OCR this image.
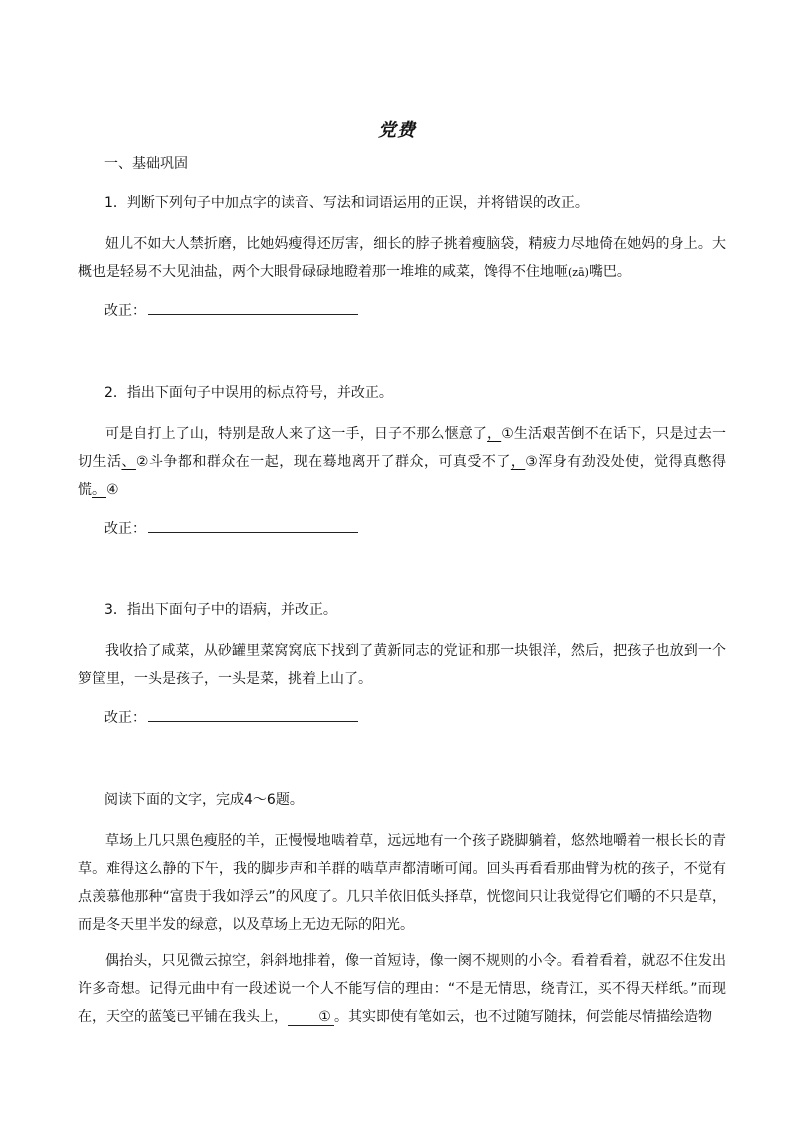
党费
一、基础巩固
1．判断下列句子中加点字的读音、写法和词语运用的正误，并将错误的改正。

妞儿不如大人禁折磨，比她妈瘦得还厉害，细长的脖子挑着瘦脑袋，精疲力尽地倚在她妈的身上。大概也是轻易不大见油盐，两个大眼骨碌碌地瞪着那一堆堆的咸菜，馋得不住地咂(zā)嘴巴。

改正：
2．指出下面句子中误用的标点符号，并改正。

可是自打上了山，特别是敌人来了这一手，日子不那么惬意了，①生活艰苦倒不在话下，只是过去一切生活、②斗争都和群众在一起，现在蓦地离开了群众，可真受不了，③浑身有劲没处使，觉得真憋得慌。④

改正：
3．指出下面句子中的语病，并改正。

我收拾了咸菜，从砂罐里菜窝窝底下找到了黄新同志的党证和那一块银洋，然后，把孩子也放到一个箩筐里，一头是孩子，一头是菜，挑着上山了。

改正：
阅读下面的文字，完成4～6题。

草场上几只黑色瘦胫的羊，正慢慢地啮着草，远远地有一个孩子跷脚躺着，悠然地嚼着一根长长的青草。难得这么静的下午，我的脚步声和羊群的啮草声都清晰可闻。回头再看看那曲臂为枕的孩子，不觉有点羡慕他那种“富贵于我如浮云”的风度了。几只羊依旧低头择草，恍惚间只让我觉得它们嚼的不只是草，而是冬天里半发的绿意，以及草场上无边无际的阳光。

偶抬头，只见微云掠空，斜斜地排着，像一首短诗，像一阕不规则的小令。看着看着，就忍不住发出许多奇想。记得元曲中有一段述说一个人不能写信的理由：“不是无情思，绕青江，买不得天样纸。”而现在，天空的蓝笺已平铺在我头上， ① 。其实即使有笔如云，也不过随写随抹，何尝能尽情描绘造物
